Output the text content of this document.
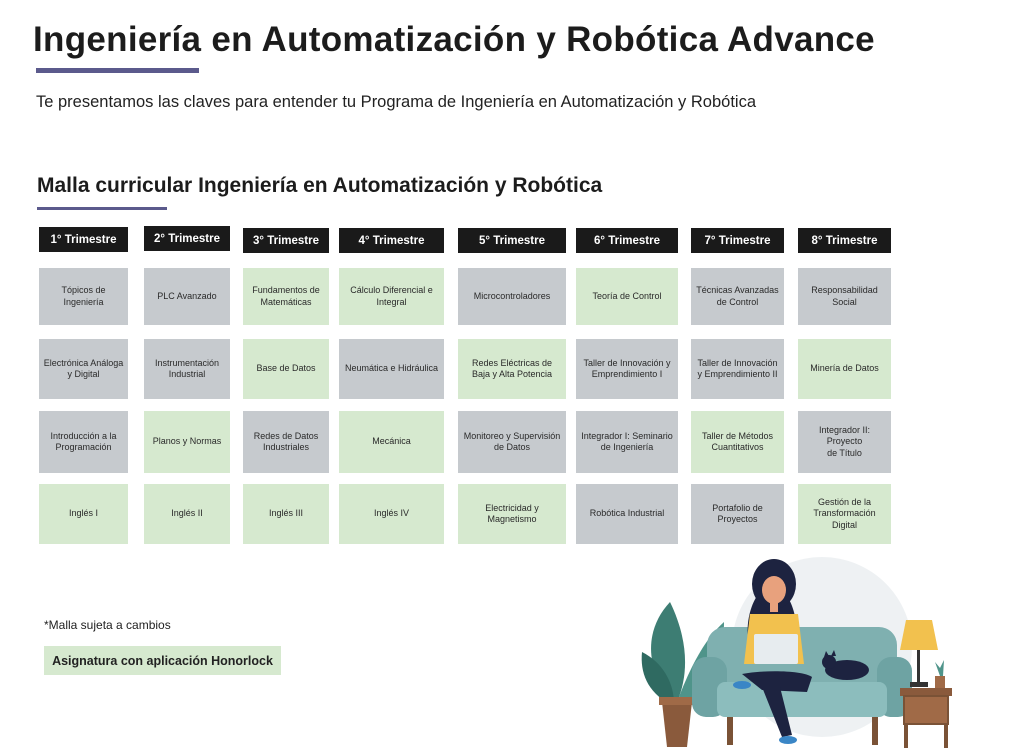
Ingeniería en Automatización y Robótica Advance
Te presentamos las claves para entender tu Programa de Ingeniería en Automatización y Robótica
Malla curricular Ingeniería en Automatización y Robótica
1° Trimestre
Tópicos de Ingeniería
Electrónica Análoga y Digital
Introducción a la Programación
Inglés I
2° Trimestre
PLC Avanzado
Instrumentación Industrial
Planos y Normas
Inglés II
3° Trimestre
Fundamentos de Matemáticas
Base de Datos
Redes de Datos Industriales
Inglés III
4° Trimestre
Cálculo Diferencial e Integral
Neumática e Hidráulica
Mecánica
Inglés IV
5° Trimestre
Microcontroladores
Redes Eléctricas de Baja y Alta Potencia
Monitoreo y Supervisión de Datos
Electricidad y Magnetismo
6° Trimestre
Teoría de Control
Taller de Innovación y Emprendimiento I
Integrador I: Seminario
de Ingeniería
Robótica Industrial
7° Trimestre
Técnicas Avanzadas de Control
Taller de Innovación y Emprendimiento II
Taller de Métodos Cuantitativos
Portafolio de Proyectos
8° Trimestre
Responsabilidad Social
Minería de Datos
Integrador II: Proyecto
de Título
Gestión de la Transformación Digital
*Malla sujeta a cambios
Asignatura con aplicación Honorlock
